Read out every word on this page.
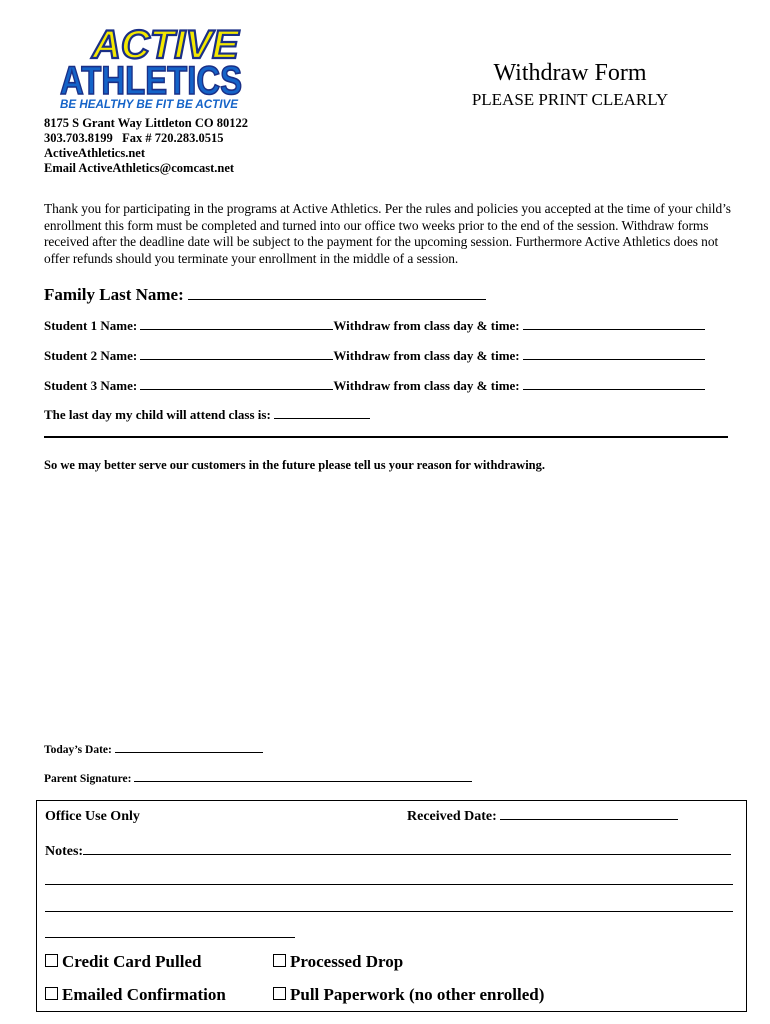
ACTIVE
ATHLETICS
BE HEALTHY BE FIT BE ACTIVE
Withdraw Form
PLEASE PRINT CLEARLY
8175 S Grant Way Littleton CO 80122
303.703.8199   Fax # 720.283.0515
ActiveAthletics.net
Email ActiveAthletics@comcast.net
Thank you for participating in the programs at Active Athletics. Per the rules and policies you accepted at the time of your child’s enrollment this form must be completed and turned into our office two weeks prior to the end of the session. Withdraw forms received after the deadline date will be subject to the payment for the upcoming session. Furthermore Active Athletics does not offer refunds should you terminate your enrollment in the middle of a session.
Family Last Name:
Student 1 Name:	Withdraw from class day & time:
Student 2 Name:	Withdraw from class day & time:
Student 3 Name:	Withdraw from class day & time:
The last day my child will attend class is:
So we may better serve our customers in the future please tell us your reason for withdrawing.
Today’s Date:
Parent Signature:
Office Use Only	Received Date:
Notes:
Credit Card Pulled	Processed Drop
Emailed Confirmation	Pull Paperwork (no other enrolled)
